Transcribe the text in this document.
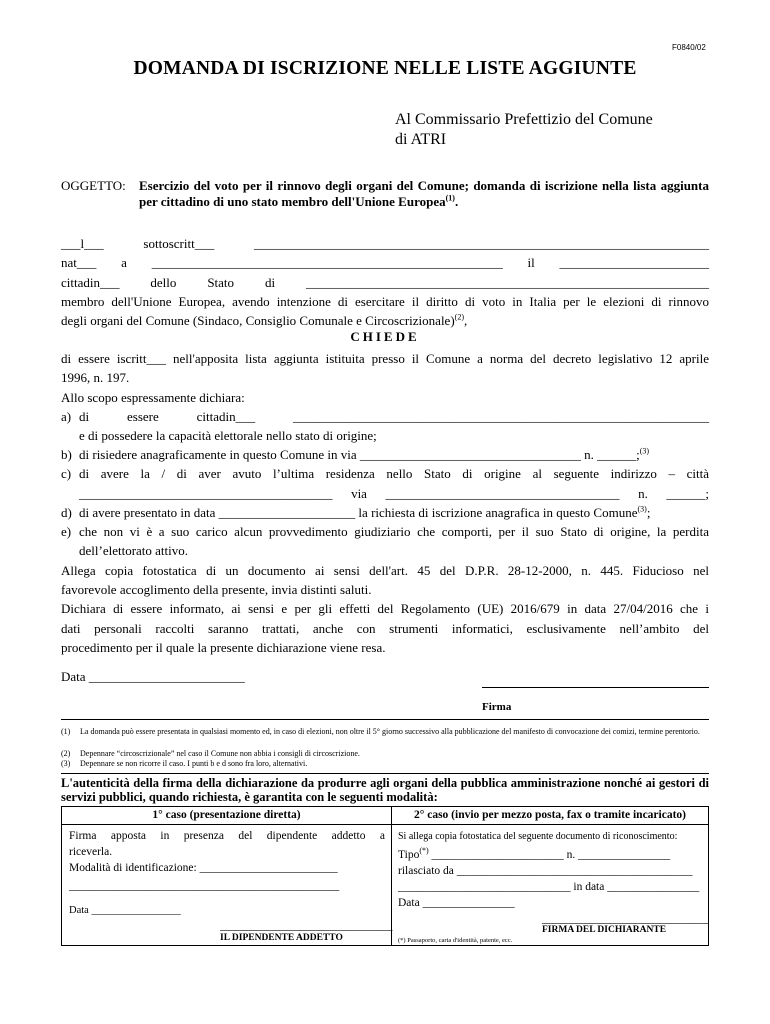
F0840/02
DOMANDA DI ISCRIZIONE NELLE LISTE AGGIUNTE
Al Commissario Prefettizio del Comune
di ATRI
OGGETTO: Esercizio del voto per il rinnovo degli organi del Comune; domanda di iscrizione nella lista aggiunta per cittadino di uno stato membro dell'Unione Europea$^{(1)}$.
___l___ sottoscritt___ ______________________________________________________________________
nat___ a ______________________________________________________ il _______________________
cittadin___ dello Stato di ______________________________________________________________
membro dell'Unione Europea, avendo intenzione di esercitare il diritto di voto in Italia per le elezioni di rinnovo
degli organi del Comune (Sindaco, Consiglio Comunale e Circoscrizionale)$^{(2)}$,
CHIEDE
di essere iscritt___ nell'apposita lista aggiunta istituita presso il Comune a norma del decreto legislativo 12 aprile
1996, n. 197.
Allo scopo espressamente dichiara:
a) di essere cittadin___ ________________________________________________________________
e di possedere la capacità elettorale nello stato di origine;
b) di risiedere anagraficamente in questo Comune in via __________________________________ n. ______;$^{(3)}$
c) di avere la / di aver avuto l’ultima residenza nello Stato di origine al seguente indirizzo – città
_______________________________________ via ____________________________________ n. ______;
d) di avere presentato in data _____________________ la richiesta di iscrizione anagrafica in questo Comune$^{(3)}$;
e) che non vi è a suo carico alcun provvedimento giudiziario che comporti, per il suo Stato di origine, la perdita
dell’elettorato attivo.
Allega copia fotostatica di un documento ai sensi dell'art. 45 del D.P.R. 28-12-2000, n. 445. Fiducioso nel
favorevole accoglimento della presente, invia distinti saluti.
Dichiara di essere informato, ai sensi e per gli effetti del Regolamento (UE) 2016/679 in data 27/04/2016 che i
dati personali raccolti saranno trattati, anche con strumenti informatici, esclusivamente nell’ambito del
procedimento per il quale la presente dichiarazione viene resa.
Data ________________________
Firma
(1) La domanda può essere presentata in qualsiasi momento ed, in caso di elezioni, non oltre il 5° giorno successivo alla pubblicazione del manifesto di convocazione dei comizi, termine perentorio.
(2) Depennare “circoscrizionale” nel caso il Comune non abbia i consigli di circoscrizione.
(3) Depennare se non ricorre il caso. I punti b e d sono fra loro, alternativi.
L'autenticità della firma della dichiarazione da produrre agli organi della pubblica amministrazione nonché ai gestori di servizi pubblici, quando richiesta, è garantita con le seguenti modalità:
1° caso (presentazione diretta)
Firma apposta in presenza del dipendente addetto a
riceverla.
Modalità di identificazione: ________________________
_______________________________________________
Data _________________
______________________________
IL DIPENDENTE ADDETTO
2° caso (invio per mezzo posta, fax o tramite incaricato)
Si allega copia fotostatica del seguente documento di riconoscimento:
Tipo(*) _______________________ n. ________________
rilasciato da _________________________________________
______________________________ in data ________________
Data ________________
_____________________________
FIRMA DEL DICHIARANTE
(*) Passaporto, carta d'identità, patente, ecc.
